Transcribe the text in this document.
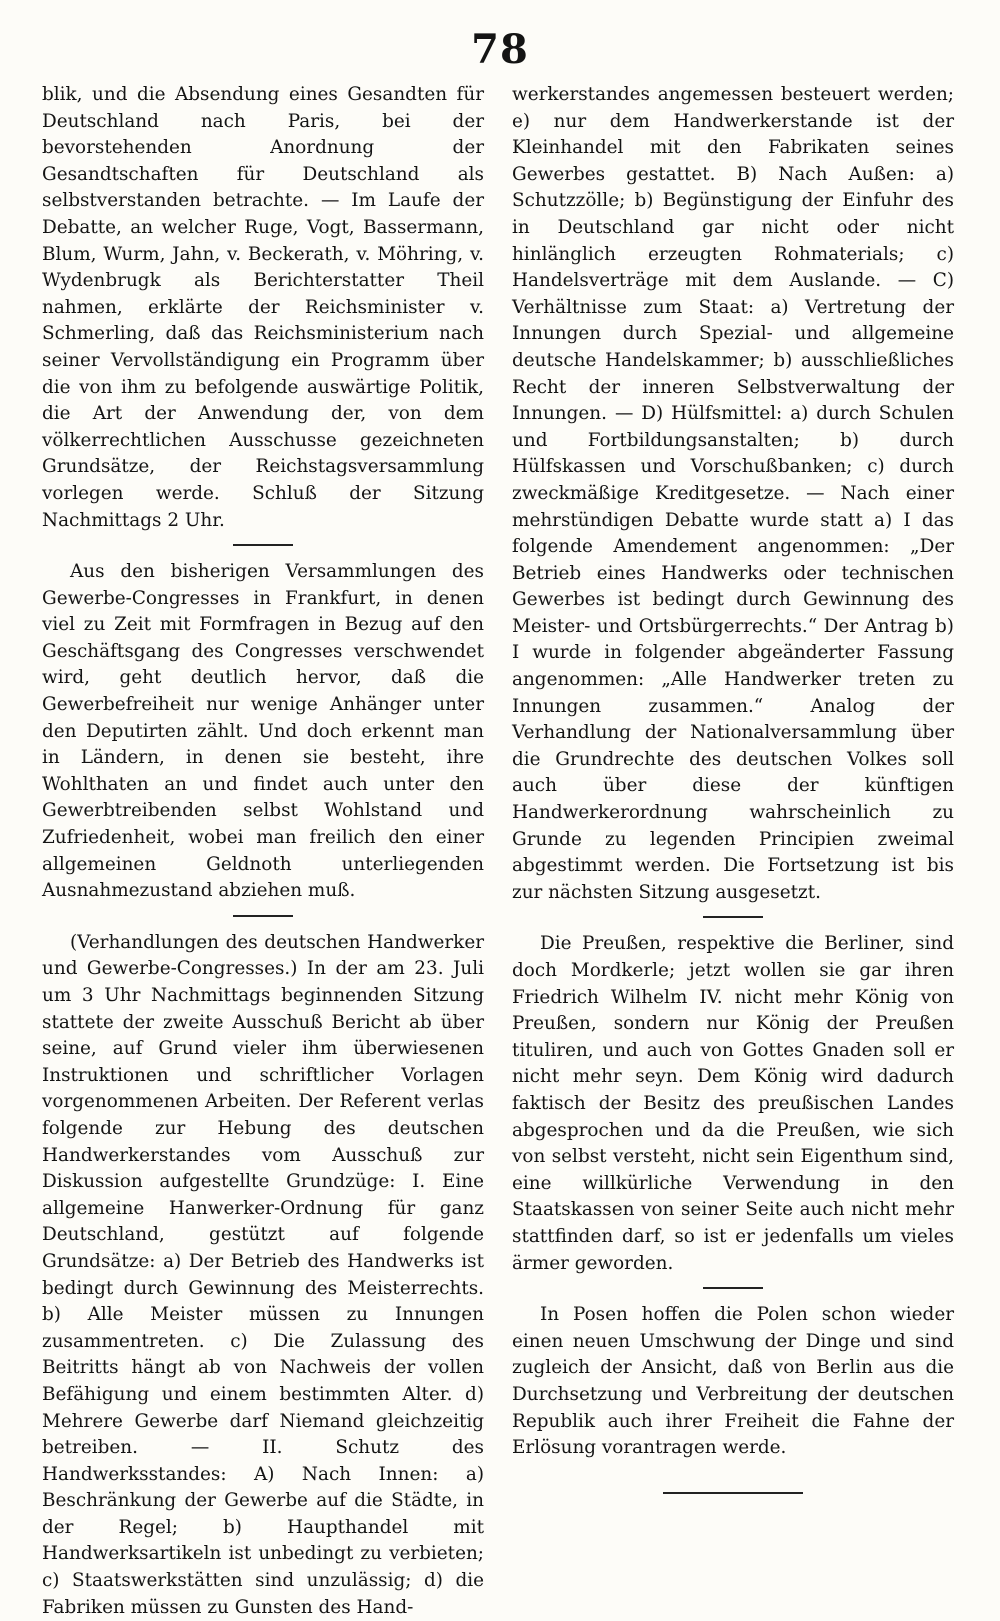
78

blik, und die Absendung eines Gesandten für Deutschland nach Paris, bei der bevorstehenden Anordnung der Gesandtschaften für Deutschland als selbstverstanden betrachte. — Im Laufe der Debatte, an welcher Ruge, Vogt, Bassermann, Blum, Wurm, Jahn, v. Beckerath, v. Möhring, v. Wydenbrugk als Berichterstatter Theil nahmen, erklärte der Reichsminister v. Schmerling, daß das Reichsministerium nach seiner Vervollständigung ein Programm über die von ihm zu befolgende auswärtige Politik, die Art der Anwendung der, von dem völkerrechtlichen Ausschusse gezeichneten Grundsätze, der Reichstagsversammlung vorlegen werde. Schluß der Sitzung Nachmittags 2 Uhr.

Aus den bisherigen Versammlungen des Gewerbe-Congresses in Frankfurt, in denen viel zu Zeit mit Formfragen in Bezug auf den Geschäftsgang des Congresses verschwendet wird, geht deutlich hervor, daß die Gewerbefreiheit nur wenige Anhänger unter den Deputirten zählt. Und doch erkennt man in Ländern, in denen sie besteht, ihre Wohlthaten an und findet auch unter den Gewerbtreibenden selbst Wohlstand und Zufriedenheit, wobei man freilich den einer allgemeinen Geldnoth unterliegenden Ausnahmezustand abziehen muß.

(Verhandlungen des deutschen Handwerker und Gewerbe-Congresses.) In der am 23. Juli um 3 Uhr Nachmittags beginnenden Sitzung stattete der zweite Ausschuß Bericht ab über seine, auf Grund vieler ihm überwiesenen Instruktionen und schriftlicher Vorlagen vorgenommenen Arbeiten. Der Referent verlas folgende zur Hebung des deutschen Handwerkerstandes vom Ausschuß zur Diskussion aufgestellte Grundzüge: I. Eine allgemeine Hanwerker-Ordnung für ganz Deutschland, gestützt auf folgende Grundsätze: a) Der Betrieb des Handwerks ist bedingt durch Gewinnung des Meisterrechts. b) Alle Meister müssen zu Innungen zusammentreten. c) Die Zulassung des Beitritts hängt ab von Nachweis der vollen Befähigung und einem bestimmten Alter. d) Mehrere Gewerbe darf Niemand gleichzeitig betreiben. — II. Schutz des Handwerksstandes: A) Nach Innen: a) Beschränkung der Gewerbe auf die Städte, in der Regel; b) Haupthandel mit Handwerksartikeln ist unbedingt zu verbieten; c) Staatswerkstätten sind unzulässig; d) die Fabriken müssen zu Gunsten des Hand-

werkerstandes angemessen besteuert werden; e) nur dem Handwerkerstande ist der Kleinhandel mit den Fabrikaten seines Gewerbes gestattet. B) Nach Außen: a) Schutzzölle; b) Begünstigung der Einfuhr des in Deutschland gar nicht oder nicht hinlänglich erzeugten Rohmaterials; c) Handelsverträge mit dem Auslande. — C) Verhältnisse zum Staat: a) Vertretung der Innungen durch Spezial- und allgemeine deutsche Handelskammer; b) ausschließliches Recht der inneren Selbstverwaltung der Innungen. — D) Hülfsmittel: a) durch Schulen und Fortbildungsanstalten; b) durch Hülfskassen und Vorschußbanken; c) durch zweckmäßige Kreditgesetze. — Nach einer mehrstündigen Debatte wurde statt a) I das folgende Amendement angenommen: „Der Betrieb eines Handwerks oder technischen Gewerbes ist bedingt durch Gewinnung des Meister- und Ortsbürgerrechts.“ Der Antrag b) I wurde in folgender abgeänderter Fassung angenommen: „Alle Handwerker treten zu Innungen zusammen.“ Analog der Verhandlung der Nationalversammlung über die Grundrechte des deutschen Volkes soll auch über diese der künftigen Handwerkerordnung wahrscheinlich zu Grunde zu legenden Principien zweimal abgestimmt werden. Die Fortsetzung ist bis zur nächsten Sitzung ausgesetzt.

Die Preußen, respektive die Berliner, sind doch Mordkerle; jetzt wollen sie gar ihren Friedrich Wilhelm IV. nicht mehr König von Preußen, sondern nur König der Preußen tituliren, und auch von Gottes Gnaden soll er nicht mehr seyn. Dem König wird dadurch faktisch der Besitz des preußischen Landes abgesprochen und da die Preußen, wie sich von selbst versteht, nicht sein Eigenthum sind, eine willkürliche Verwendung in den Staatskassen von seiner Seite auch nicht mehr stattfinden darf, so ist er jedenfalls um vieles ärmer geworden.

In Posen hoffen die Polen schon wieder einen neuen Umschwung der Dinge und sind zugleich der Ansicht, daß von Berlin aus die Durchsetzung und Verbreitung der deutschen Republik auch ihrer Freiheit die Fahne der Erlösung vorantragen werde.
